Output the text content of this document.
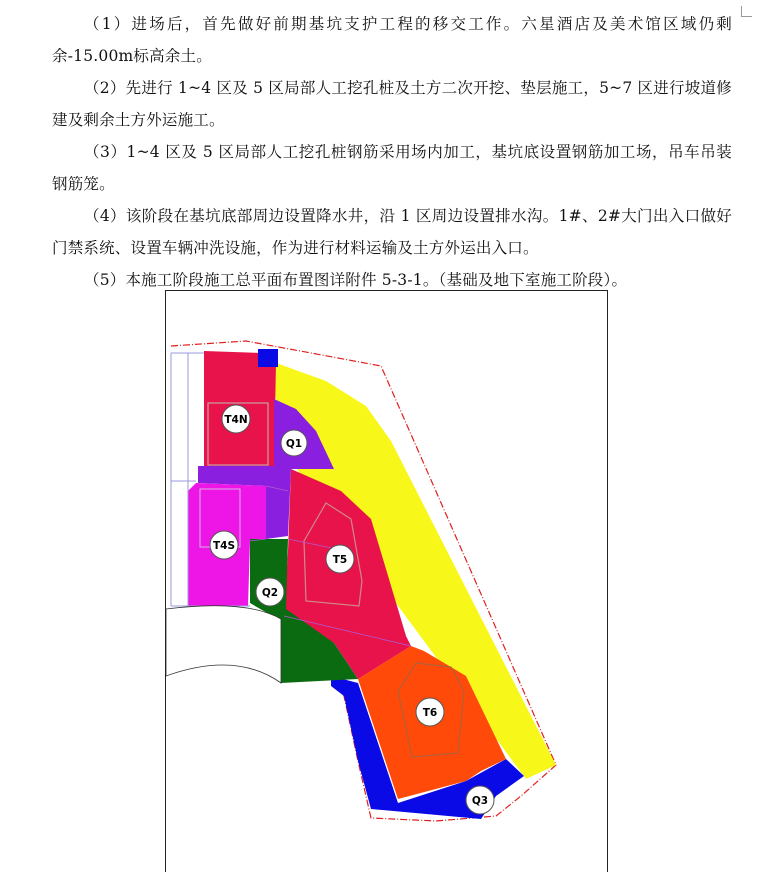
（1）进场后，首先做好前期基坑支护工程的移交工作。六星酒店及美术馆区域仍剩余-15.00m标高余土。

（2）先进行 1~4 区及 5 区局部人工挖孔桩及土方二次开挖、垫层施工，5~7 区进行坡道修建及剩余土方外运施工。

（3）1~4 区及 5 区局部人工挖孔桩钢筋采用场内加工，基坑底设置钢筋加工场，吊车吊装钢筋笼。

（4）该阶段在基坑底部周边设置降水井，沿 1 区周边设置排水沟。1#、2#大门出入口做好门禁系统、设置车辆冲洗设施，作为进行材料运输及土方外运出入口。

（5）本施工阶段施工总平面布置图详附件 5-3-1。（基础及地下室施工阶段）。

T4N
Q1
T4S
T5
Q2
T6
Q3
